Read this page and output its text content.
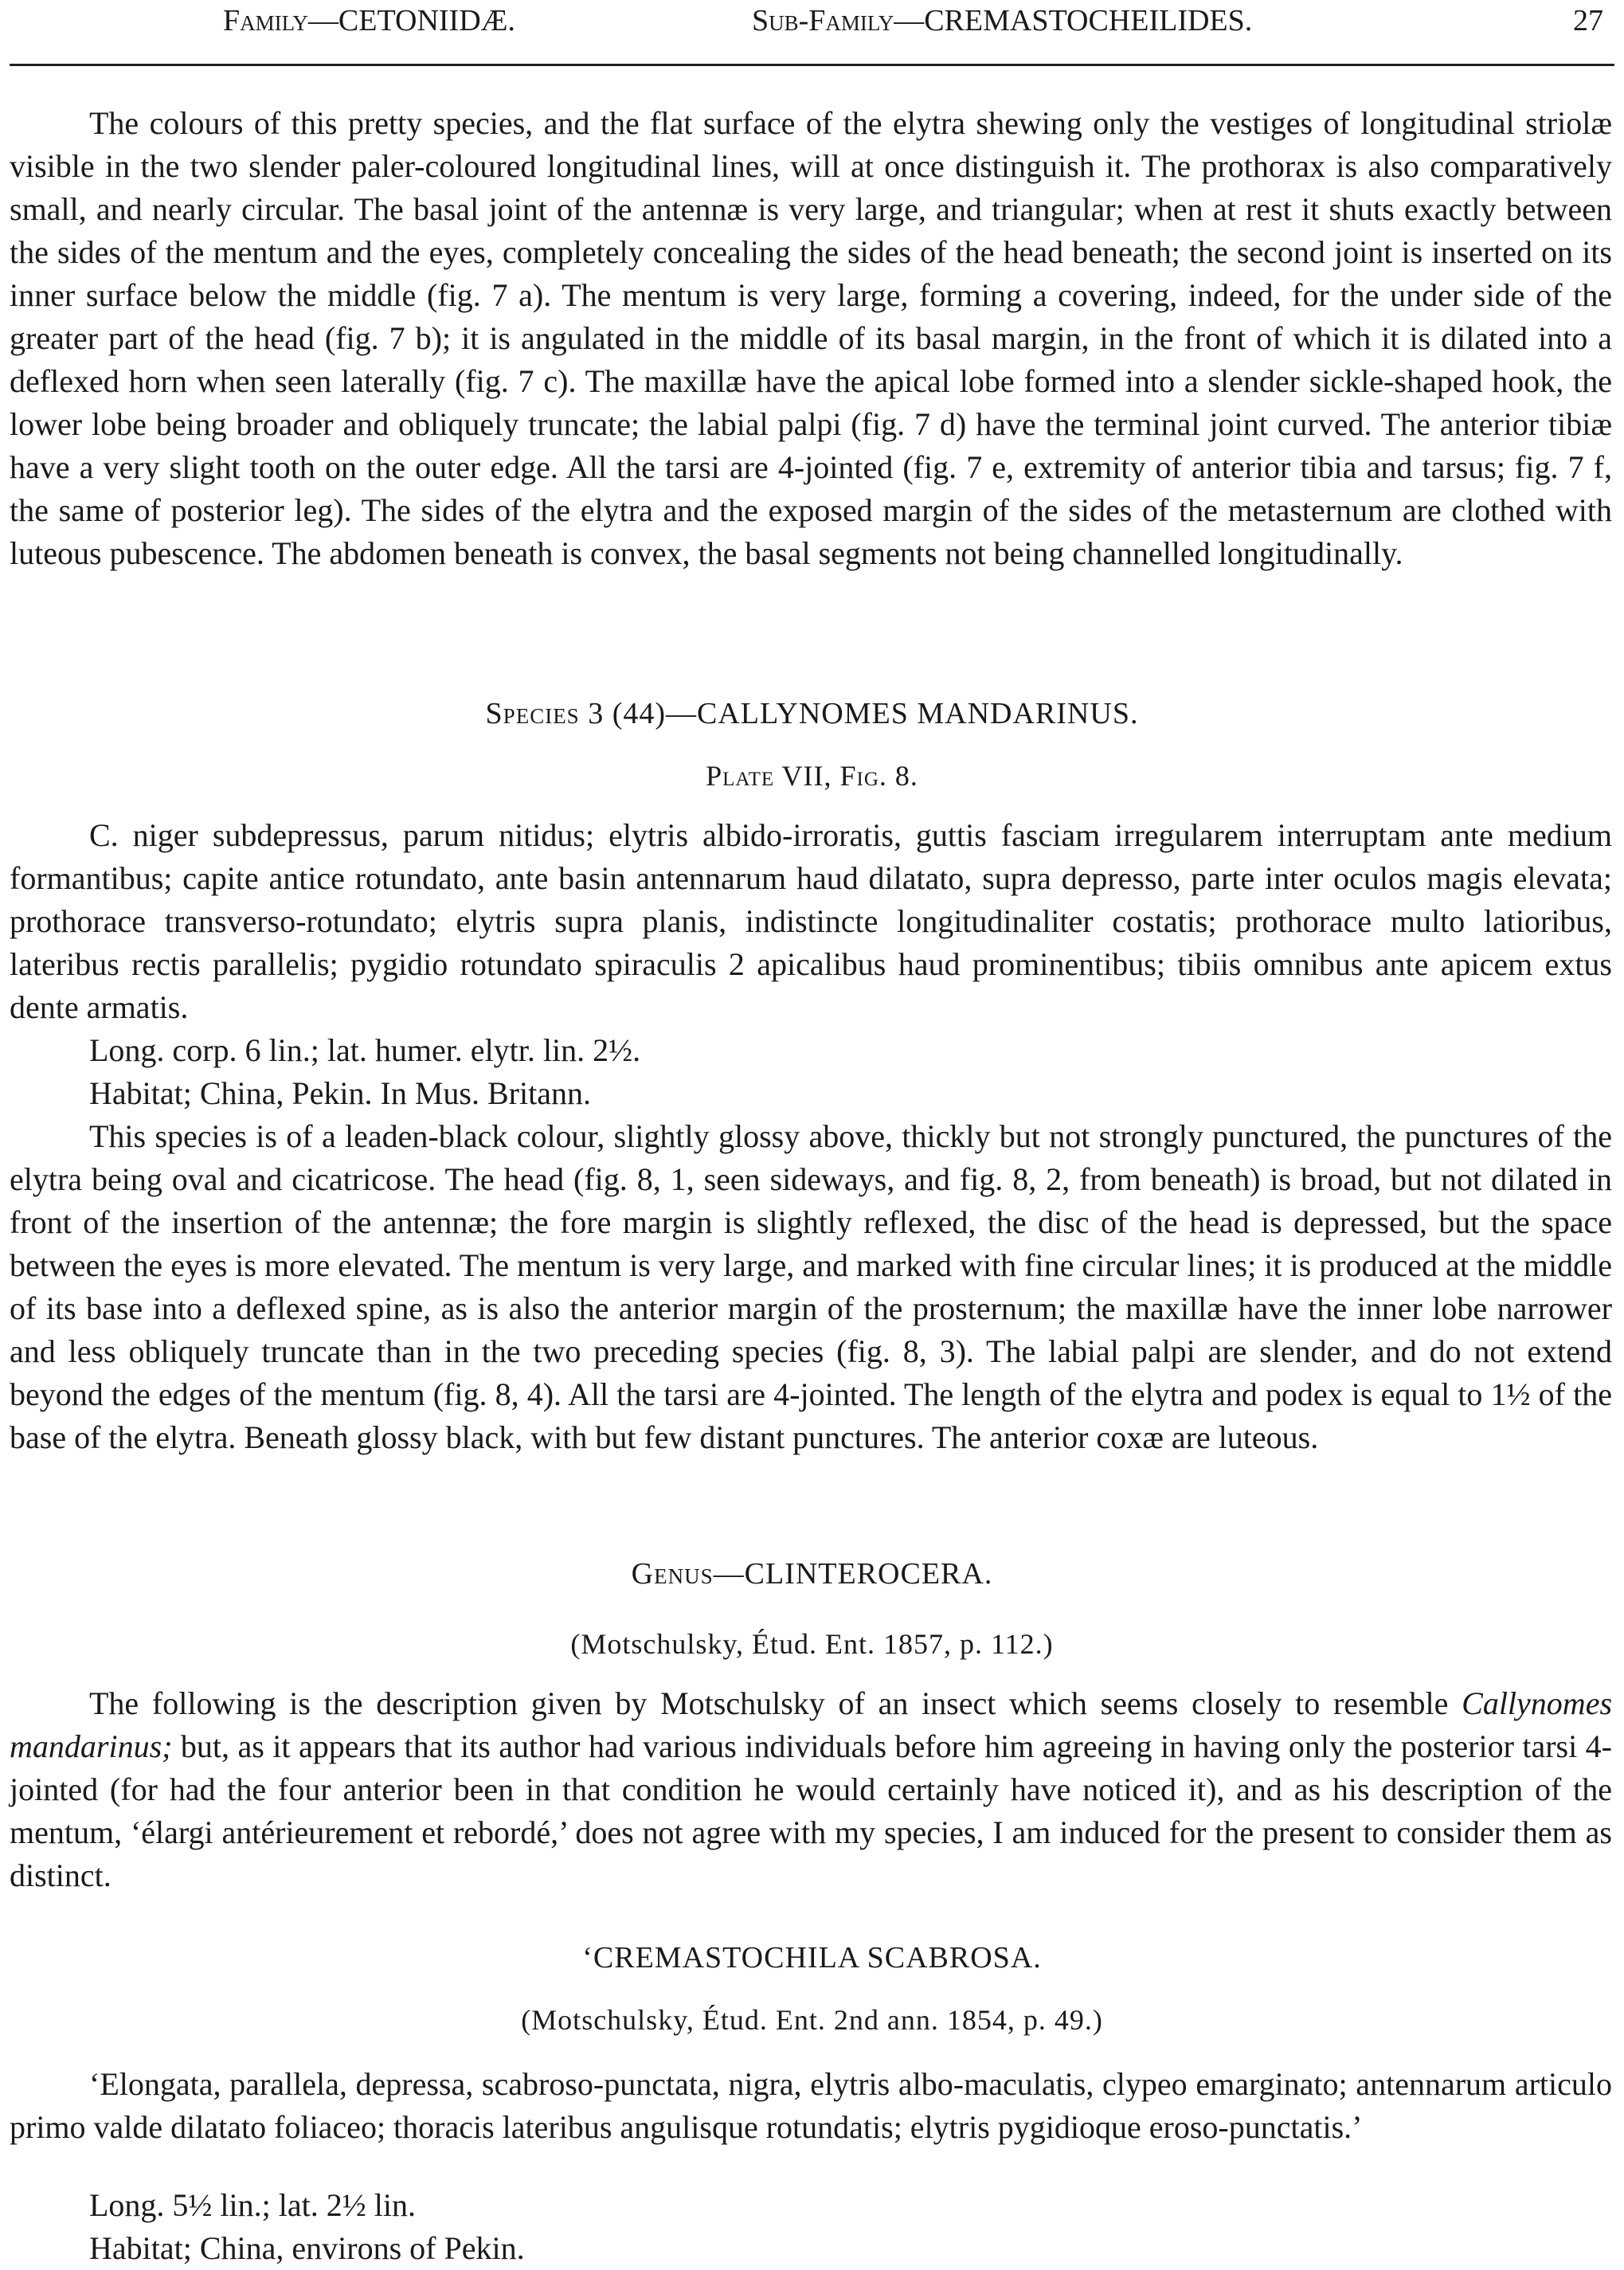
Family—CETONIIDÆ.	Sub-Family—CREMASTOCHEILIDES.	27

The colours of this pretty species, and the flat surface of the elytra shewing only the vestiges of longitudinal striolæ visible in the two slender paler-coloured longitudinal lines, will at once distinguish it. The prothorax is also comparatively small, and nearly circular. The basal joint of the antennæ is very large, and triangular; when at rest it shuts exactly between the sides of the mentum and the eyes, completely concealing the sides of the head beneath; the second joint is inserted on its inner surface below the middle (fig. 7 a). The mentum is very large, forming a covering, indeed, for the under side of the greater part of the head (fig. 7 b); it is angulated in the middle of its basal margin, in the front of which it is dilated into a deflexed horn when seen laterally (fig. 7 c). The maxillæ have the apical lobe formed into a slender sickle-shaped hook, the lower lobe being broader and obliquely truncate; the labial palpi (fig. 7 d) have the terminal joint curved. The anterior tibiæ have a very slight tooth on the outer edge. All the tarsi are 4-jointed (fig. 7 e, extremity of anterior tibia and tarsus; fig. 7 f, the same of posterior leg). The sides of the elytra and the exposed margin of the sides of the metasternum are clothed with luteous pubescence. The abdomen beneath is convex, the basal segments not being channelled longitudinally.

Species 3 (44)—CALLYNOMES MANDARINUS.
Plate VII, Fig. 8.

C. niger subdepressus, parum nitidus; elytris albido-irroratis, guttis fasciam irregularem interruptam ante medium formantibus; capite antice rotundato, ante basin antennarum haud dilatato, supra depresso, parte inter oculos magis elevata; prothorace transverso-rotundato; elytris supra planis, indistincte longitudinaliter costatis; prothorace multo latioribus, lateribus rectis parallelis; pygidio rotundato spiraculis 2 apicalibus haud prominentibus; tibiis omnibus ante apicem extus dente armatis.

Long. corp. 6 lin.; lat. humer. elytr. lin. 2½.

Habitat; China, Pekin. In Mus. Britann.

This species is of a leaden-black colour, slightly glossy above, thickly but not strongly punctured, the punctures of the elytra being oval and cicatricose. The head (fig. 8, 1, seen sideways, and fig. 8, 2, from beneath) is broad, but not dilated in front of the insertion of the antennæ; the fore margin is slightly reflexed, the disc of the head is depressed, but the space between the eyes is more elevated. The mentum is very large, and marked with fine circular lines; it is produced at the middle of its base into a deflexed spine, as is also the anterior margin of the prosternum; the maxillæ have the inner lobe narrower and less obliquely truncate than in the two preceding species (fig. 8, 3). The labial palpi are slender, and do not extend beyond the edges of the mentum (fig. 8, 4). All the tarsi are 4-jointed. The length of the elytra and podex is equal to 1½ of the base of the elytra. Beneath glossy black, with but few distant punctures. The anterior coxæ are luteous.

Genus—CLINTEROCERA.
(Motschulsky, Étud. Ent. 1857, p. 112.)

The following is the description given by Motschulsky of an insect which seems closely to resemble Callynomes mandarinus; but, as it appears that its author had various individuals before him agreeing in having only the posterior tarsi 4-jointed (for had the four anterior been in that condition he would certainly have noticed it), and as his description of the mentum, ‘élargi antérieurement et rebordé,’ does not agree with my species, I am induced for the present to consider them as distinct.

‘CREMASTOCHILA SCABROSA.
(Motschulsky, Étud. Ent. 2nd ann. 1854, p. 49.)

‘Elongata, parallela, depressa, scabroso-punctata, nigra, elytris albo-maculatis, clypeo emarginato; antennarum articulo primo valde dilatato foliaceo; thoracis lateribus angulisque rotundatis; elytris pygidioque eroso-punctatis.’

Long. 5½ lin.; lat. 2½ lin.

Habitat; China, environs of Pekin.
